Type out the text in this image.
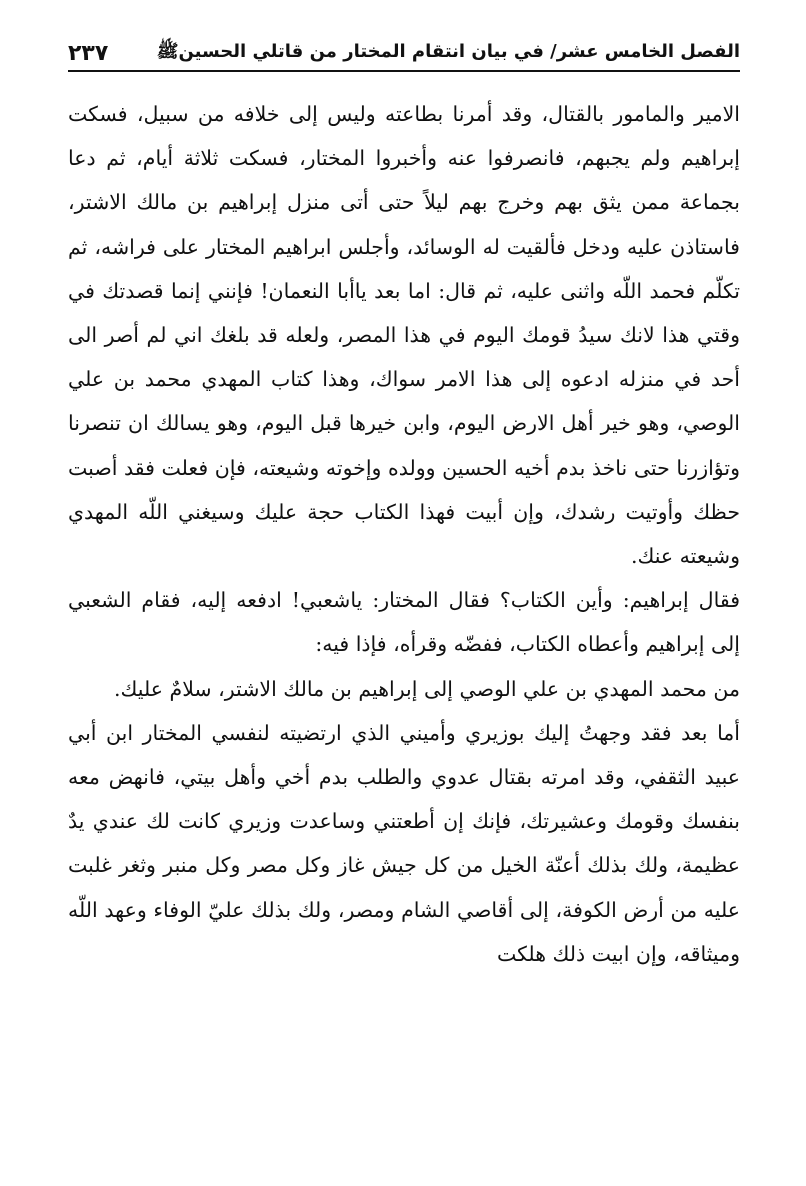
الفصل الخامس عشر/ في بيان انتقام المختار من قاتلي الحسينﷺ
٢٣٧

الامير والمامور بالقتال، وقد أمرنا بطاعته وليس إلى خلافه من سبيل، فسكت إبراهيم ولم يجبهم، فانصرفوا عنه وأخبروا المختار، فسكت ثلاثة أيام، ثم دعا بجماعة ممن يثق بهم وخرج بهم ليلاً حتى أتى منزل إبراهيم بن مالك الاشتر، فاستاذن عليه ودخل فألقيت له الوسائد، وأجلس ابراهيم المختار على فراشه، ثم تكلّم فحمد اللّه واثنى عليه، ثم قال: اما بعد ياأبا النعمان! فإنني إنما قصدتك في وقتي هذا لانك سيدُ قومك اليوم في هذا المصر، ولعله قد بلغك اني لم أصر الى أحد في منزله ادعوه إلى هذا الامر سواك، وهذا كتاب المهدي محمد بن علي الوصي، وهو خير أهل الارض اليوم، وابن خيرها قبل اليوم، وهو يسالك ان تنصرنا وتؤازرنا حتى ناخذ بدم أخيه الحسين وولده وإخوته وشيعته، فإن فعلت فقد أصبت حظك وأوتيت رشدك، وإن أبيت فهذا الكتاب حجة عليك وسيغني اللّه المهدي وشيعته عنك.

فقال إبراهيم: وأين الكتاب؟ فقال المختار: ياشعبي! ادفعه إليه، فقام الشعبي إلى إبراهيم وأعطاه الكتاب، ففضّه وقرأه، فإذا فيه:

من محمد المهدي بن علي الوصي إلى إبراهيم بن مالك الاشتر، سلامٌ عليك.

أما بعد فقد وجهتُ إليك بوزيري وأميني الذي ارتضيته لنفسي المختار ابن أبي عبيد الثقفي، وقد امرته بقتال عدوي والطلب بدم أخي وأهل بيتي، فانهض معه بنفسك وقومك وعشيرتك، فإنك إن أطعتني وساعدت وزيري كانت لك عندي يدٌ عظيمة، ولك بذلك أعنّة الخيل من كل جيش غاز وكل مصر وكل منبر وثغر غلبت عليه من أرض الكوفة، إلى أقاصي الشام ومصر، ولك بذلك عليّ الوفاء وعهد اللّه وميثاقه، وإن ابيت ذلك هلكت
